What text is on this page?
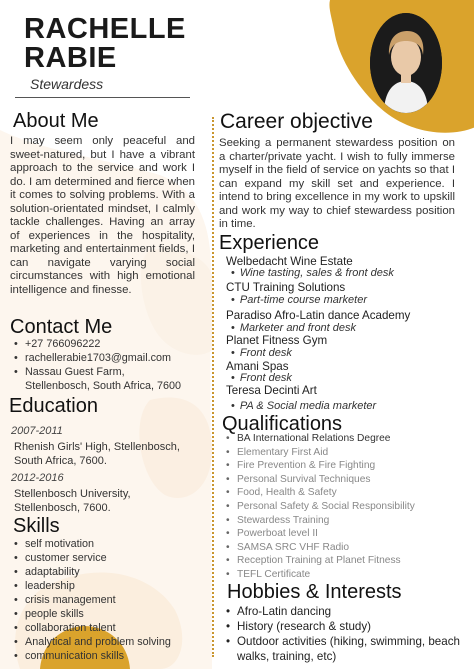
RACHELLE
RABIE
Stewardess
About Me
I may seem only peaceful and sweet-natured, but I have a vibrant approach to the service and work I do. I am determined and fierce when it comes to solving problems. With a solution-orientated mindset, I calmly tackle challenges. Having an array of experiences in the hospitality, marketing and entertainment fields, I can navigate varying social circumstances with high emotional intelligence and finesse.
Contact Me
• +27 766096222
• rachellerabie1703@gmail.com
• Nassau Guest Farm,
Stellenbosch, South Africa, 7600
Education
2007-2011
Rhenish Girls' High, Stellenbosch,
South Africa, 7600.
2012-2016
Stellenbosch University,
Stellenbosch, 7600.
Skills
• self motivation
• customer service
• adaptability
• leadership
• crisis management
• people skills
• collaboration talent
• Analytical and problem solving
• communication skills
Career objective
Seeking a permanent stewardess position on a charter/private yacht. I wish to fully immerse myself in the field of service on yachts so that I can expand my skill set and experience. I intend to bring excellence in my work to upskill and work my way to chief stewardess position in time.
Experience
Welbedacht Wine Estate
• Wine tasting, sales & front desk
CTU Training Solutions
• Part-time course marketer
Paradiso Afro-Latin dance Academy
• Marketer and front desk
Planet Fitness Gym
• Front desk
Amani Spas
• Front desk
Teresa Decinti Art
• PA & Social media marketer
Qualifications
• BA International Relations Degree
• Elementary First Aid
• Fire Prevention & Fire Fighting
• Personal Survival Techniques
• Food, Health & Safety
• Personal Safety & Social Responsibility
• Stewardess Training
• Powerboat level II
• SAMSA SRC VHF Radio
• Reception Training at Planet Fitness
• TEFL Certificate
Hobbies & Interests
• Afro-Latin dancing
• History (research & study)
• Outdoor activities (hiking, swimming, beach walks, training, etc)
